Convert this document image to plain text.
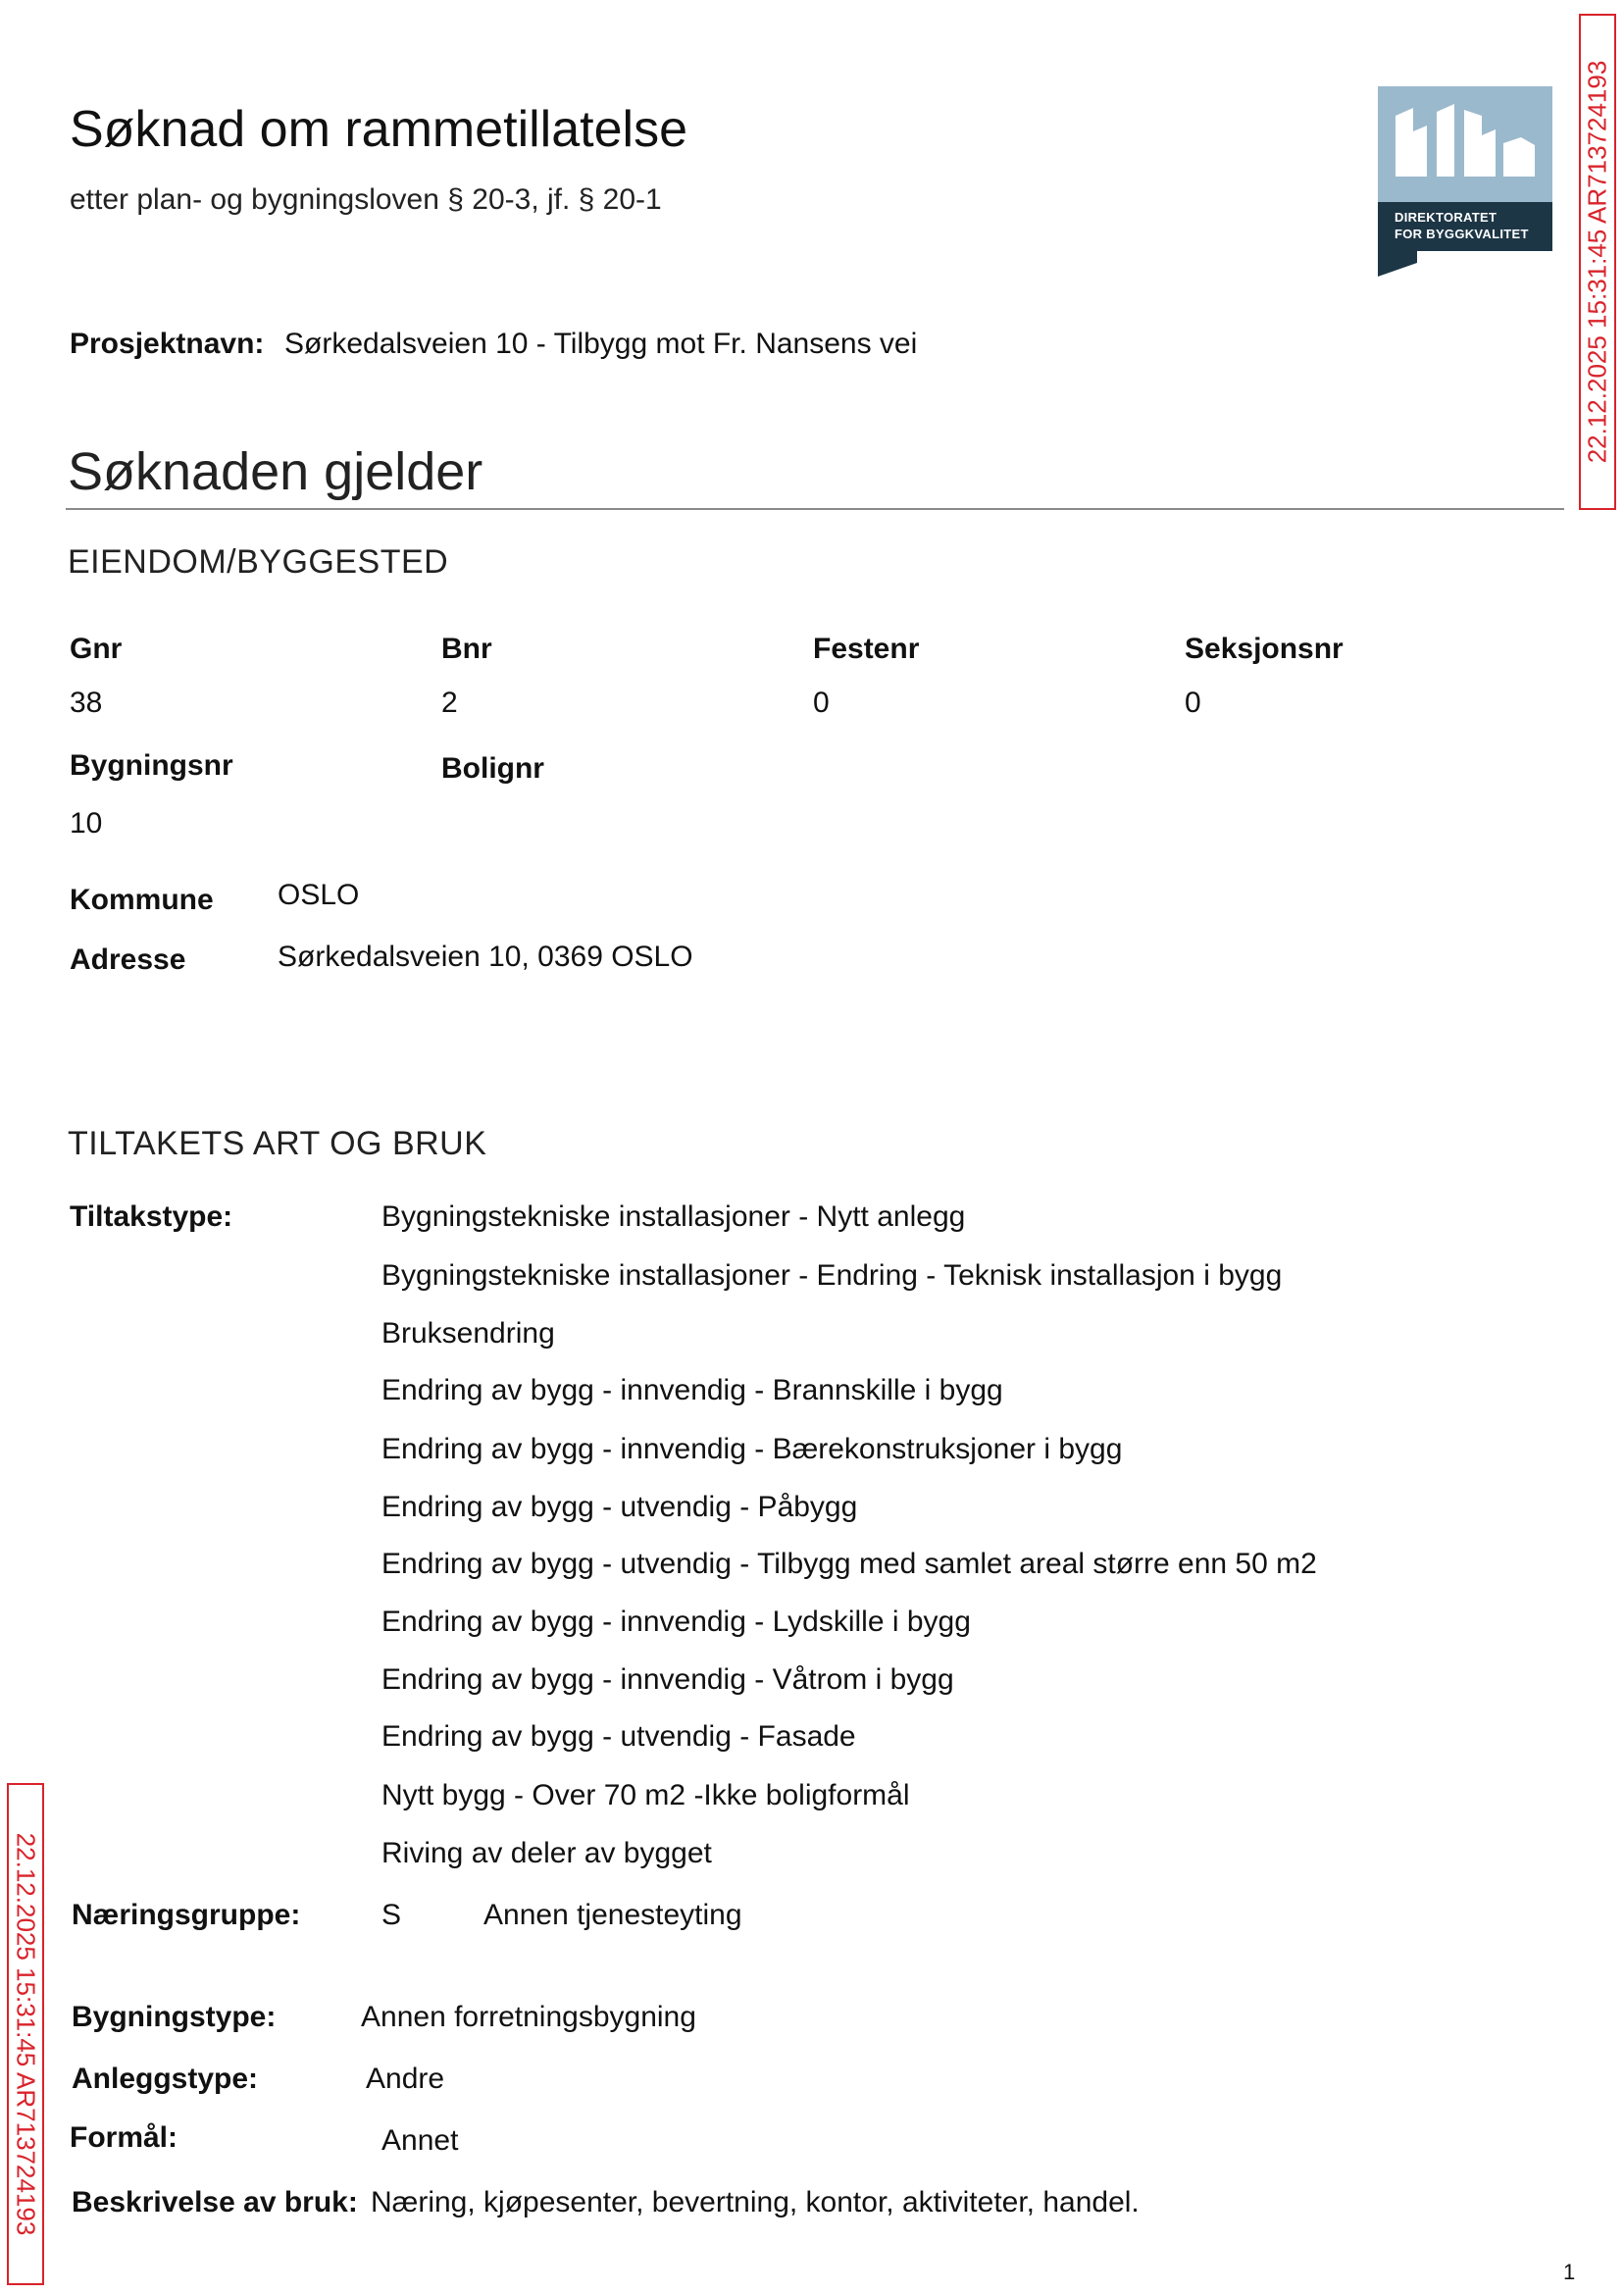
Søknad om rammetillatelse
etter plan- og bygningsloven § 20-3, jf. § 20-1
DIREKTORATET
FOR BYGGKVALITET 22.12.2025 15:31:45 AR713724193
22.12.2025 15:31:45 AR713724193
Prosjektnavn: Sørkedalsveien 10 - Tilbygg mot Fr. Nansens vei
Søknaden gjelder
EIENDOM/BYGGESTED
Gnr	Bnr	Festenr	Seksjonsnr
38	2	0	0
Bygningsnr	Bolignr
10
Kommune OSLO
Adresse	Sørkedalsveien 10, 0369 OSLO
TILTAKETS ART OG BRUK
Tiltakstype:	Bygningstekniske installasjoner - Nytt anlegg
Bygningstekniske installasjoner - Endring - Teknisk installasjon i bygg
Bruksendring
Endring av bygg - innvendig - Brannskille i bygg
Endring av bygg - innvendig - Bærekonstruksjoner i bygg
Endring av bygg - utvendig - Påbygg
Endring av bygg - utvendig - Tilbygg med samlet areal større enn 50 m2
Endring av bygg - innvendig - Lydskille i bygg
Endring av bygg - innvendig - Våtrom i bygg
Endring av bygg - utvendig - Fasade
Nytt bygg - Over 70 m2 -Ikke boligformål
Riving av deler av bygget
Næringsgruppe:	S	Annen tjenesteyting
Bygningstype:	Annen forretningsbygning
Anleggstype:	Andre
Formål:	Annet
Beskrivelse av bruk: Næring, kjøpesenter, bevertning, kontor, aktiviteter, handel.
1
